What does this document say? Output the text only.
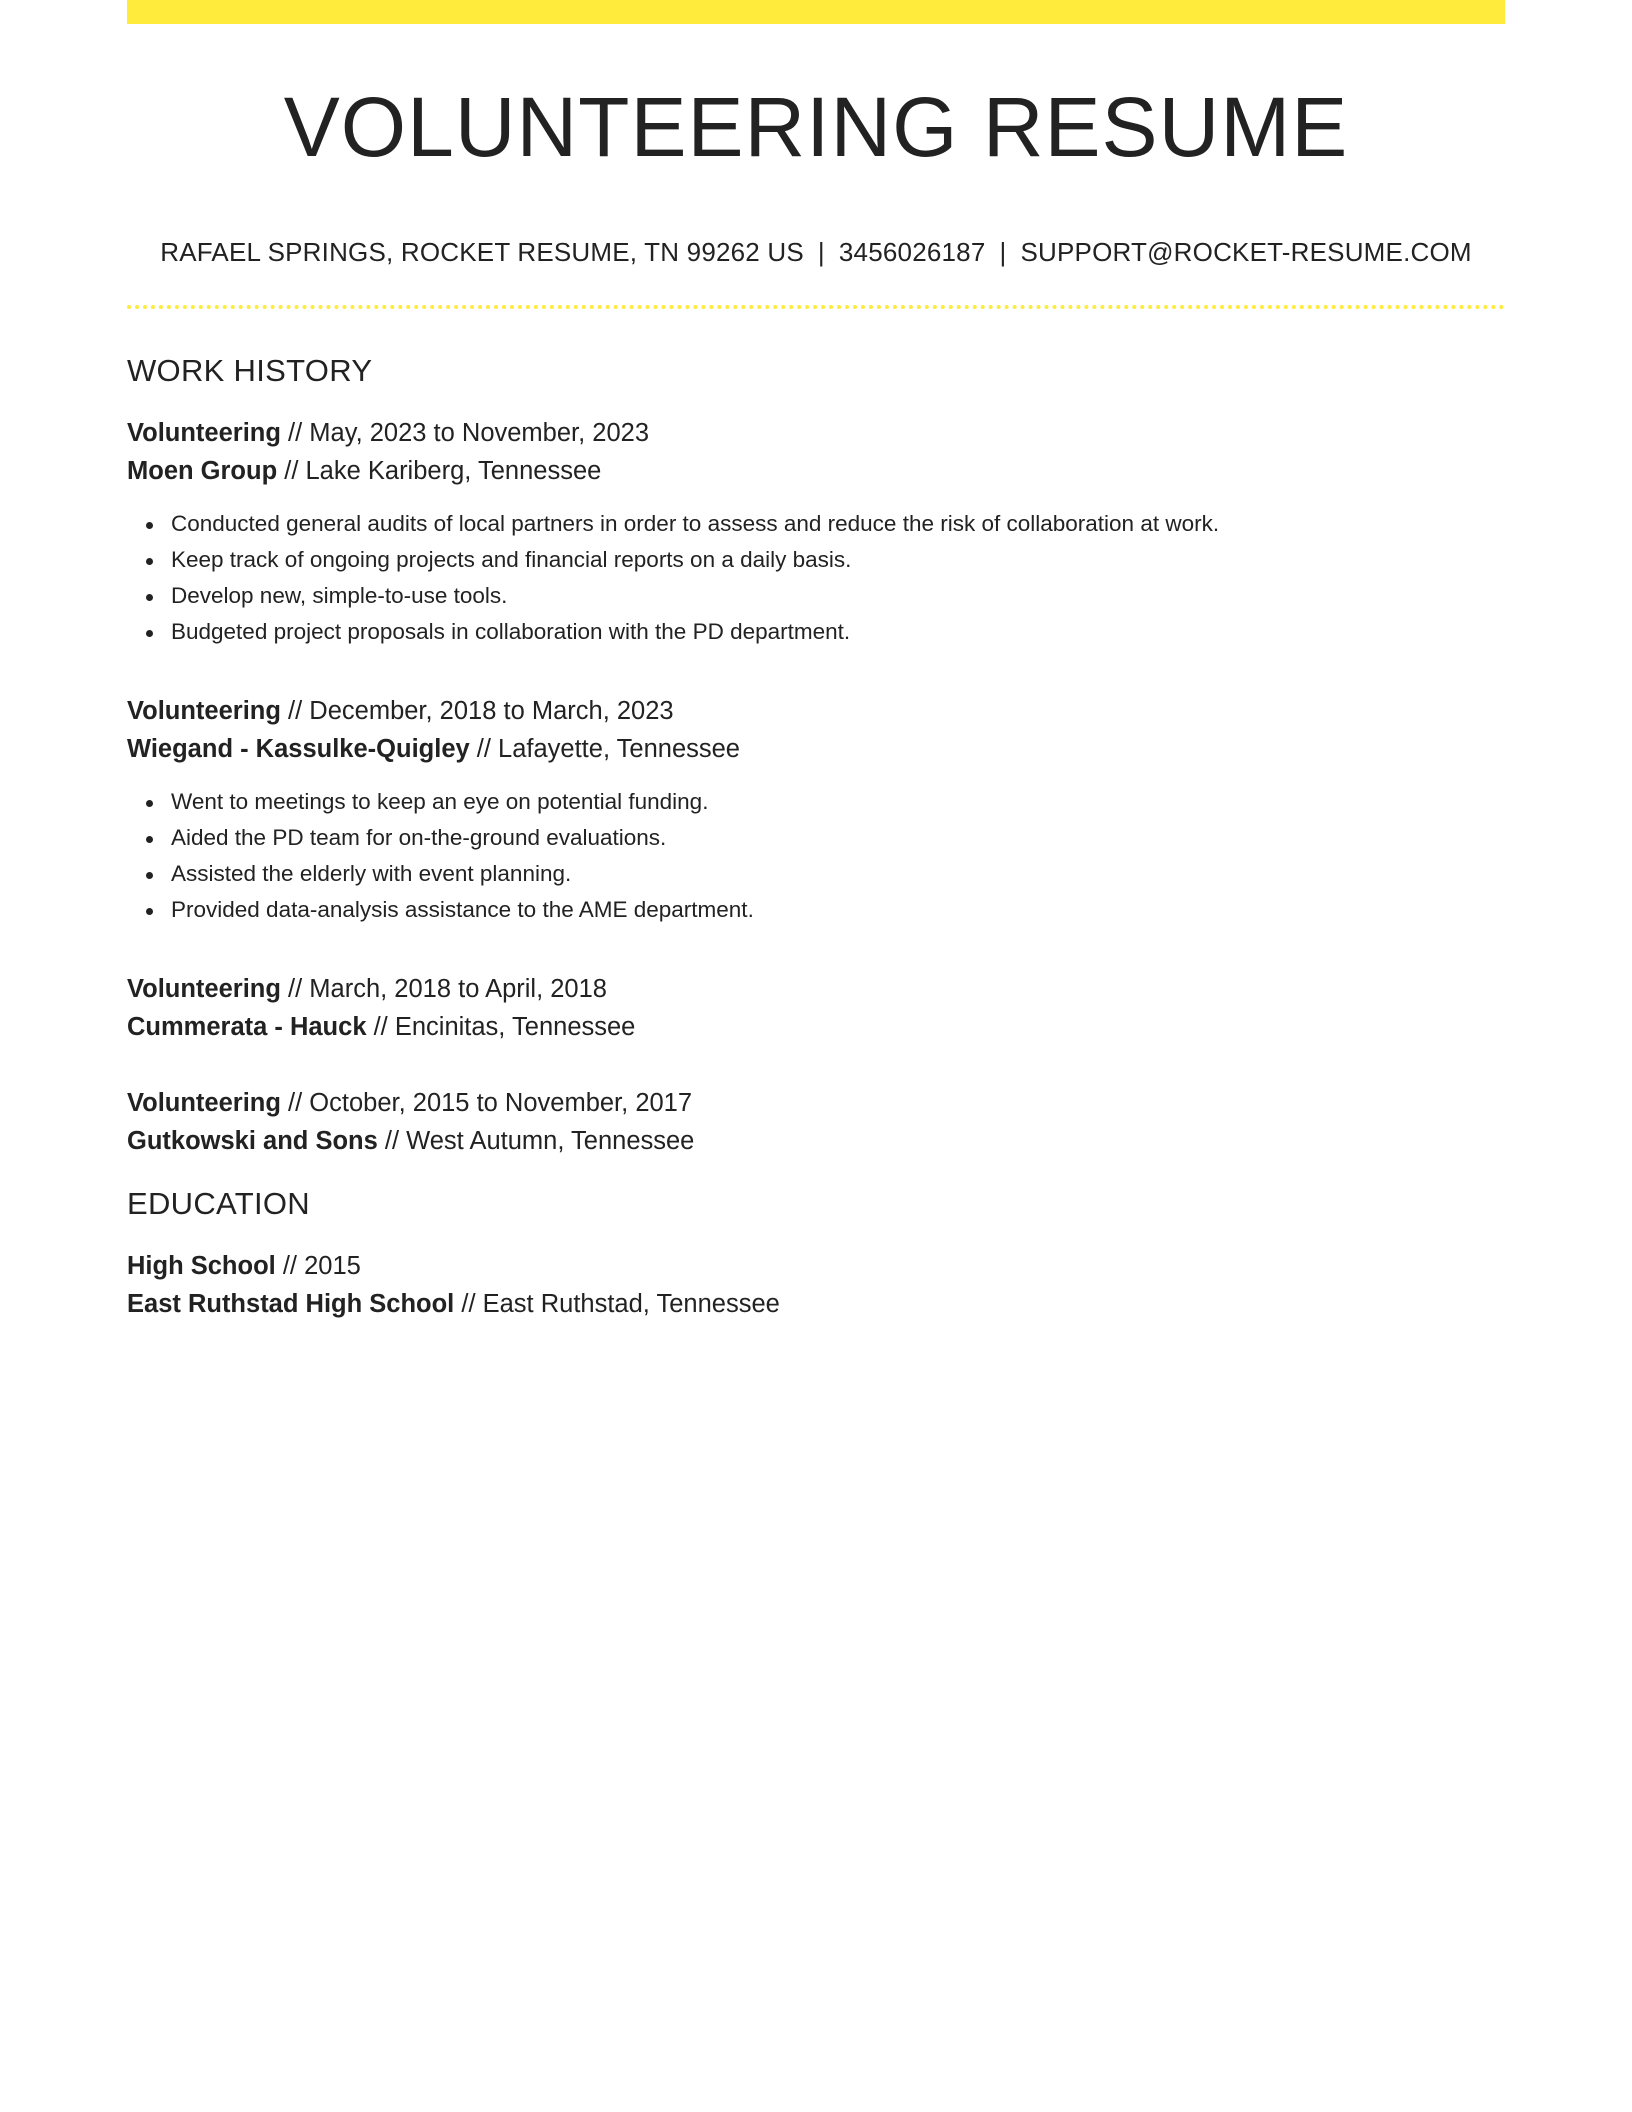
VOLUNTEERING RESUME
RAFAEL SPRINGS, ROCKET RESUME, TN 99262 US | 3456026187 | SUPPORT@ROCKET-RESUME.COM
WORK HISTORY
Volunteering // May, 2023 to November, 2023
Moen Group // Lake Kariberg, Tennessee
Conducted general audits of local partners in order to assess and reduce the risk of collaboration at work.
Keep track of ongoing projects and financial reports on a daily basis.
Develop new, simple-to-use tools.
Budgeted project proposals in collaboration with the PD department.
Volunteering // December, 2018 to March, 2023
Wiegand - Kassulke-Quigley // Lafayette, Tennessee
Went to meetings to keep an eye on potential funding.
Aided the PD team for on-the-ground evaluations.
Assisted the elderly with event planning.
Provided data-analysis assistance to the AME department.
Volunteering // March, 2018 to April, 2018
Cummerata - Hauck // Encinitas, Tennessee
Volunteering // October, 2015 to November, 2017
Gutkowski and Sons // West Autumn, Tennessee
EDUCATION
High School // 2015
East Ruthstad High School // East Ruthstad, Tennessee
